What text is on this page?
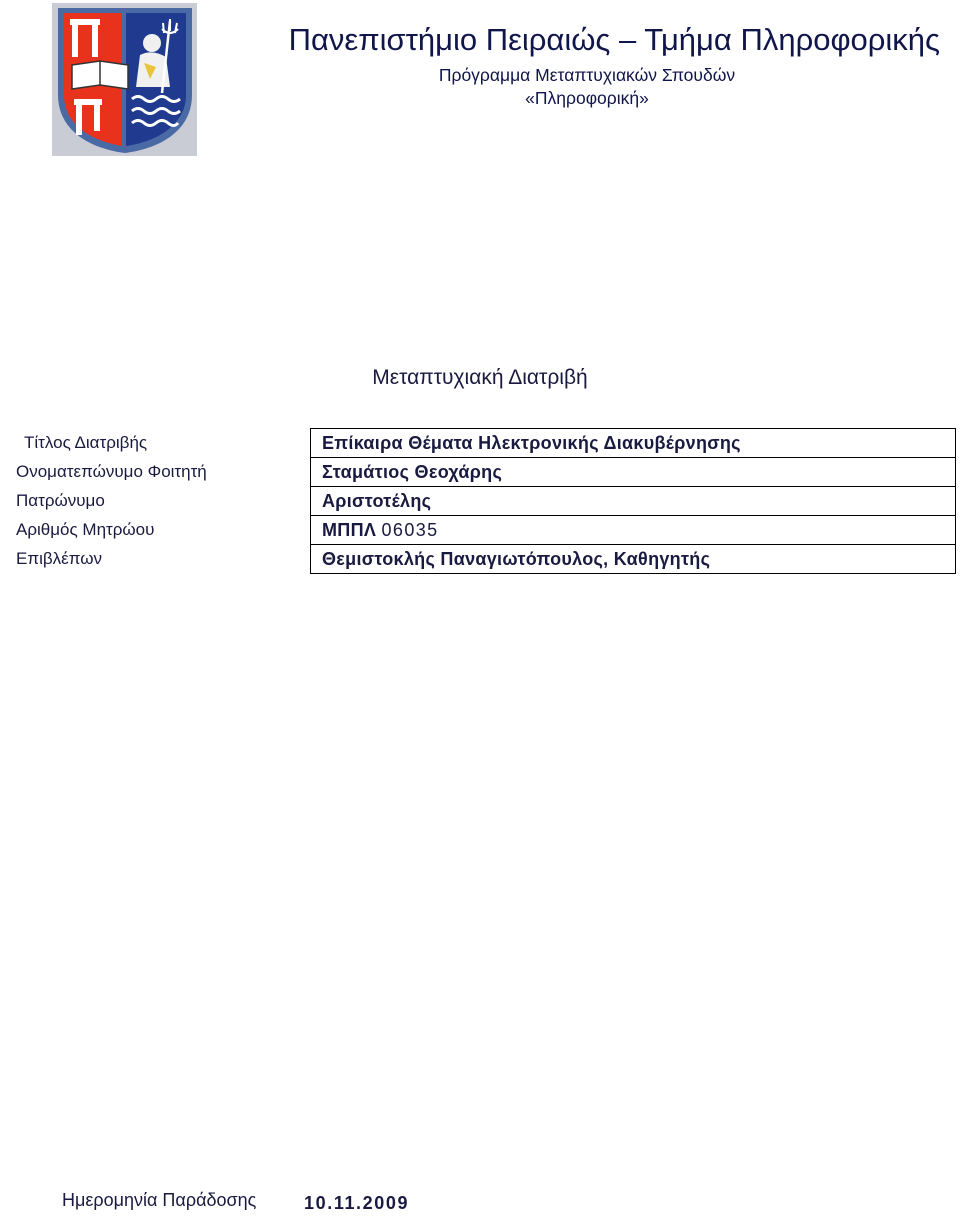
Πανεπιστήμιο Πειραιώς – Τμήμα Πληροφορικής
Πρόγραμμα Μεταπτυχιακών Σπουδών
«Πληροφορική»
Μεταπτυχιακή Διατριβή
Τίτλος Διατριβής	Επίκαιρα Θέματα Ηλεκτρονικής Διακυβέρνησης
Ονοματεπώνυμο Φοιτητή	Σταμάτιος Θεοχάρης
Πατρώνυμο	Αριστοτέλης
Αριθμός Μητρώου	ΜΠΠΛ 06035
Επιβλέπων	Θεμιστοκλής Παναγιωτόπουλος, Καθηγητής
Ημερομηνία Παράδοσης	10.11.2009
